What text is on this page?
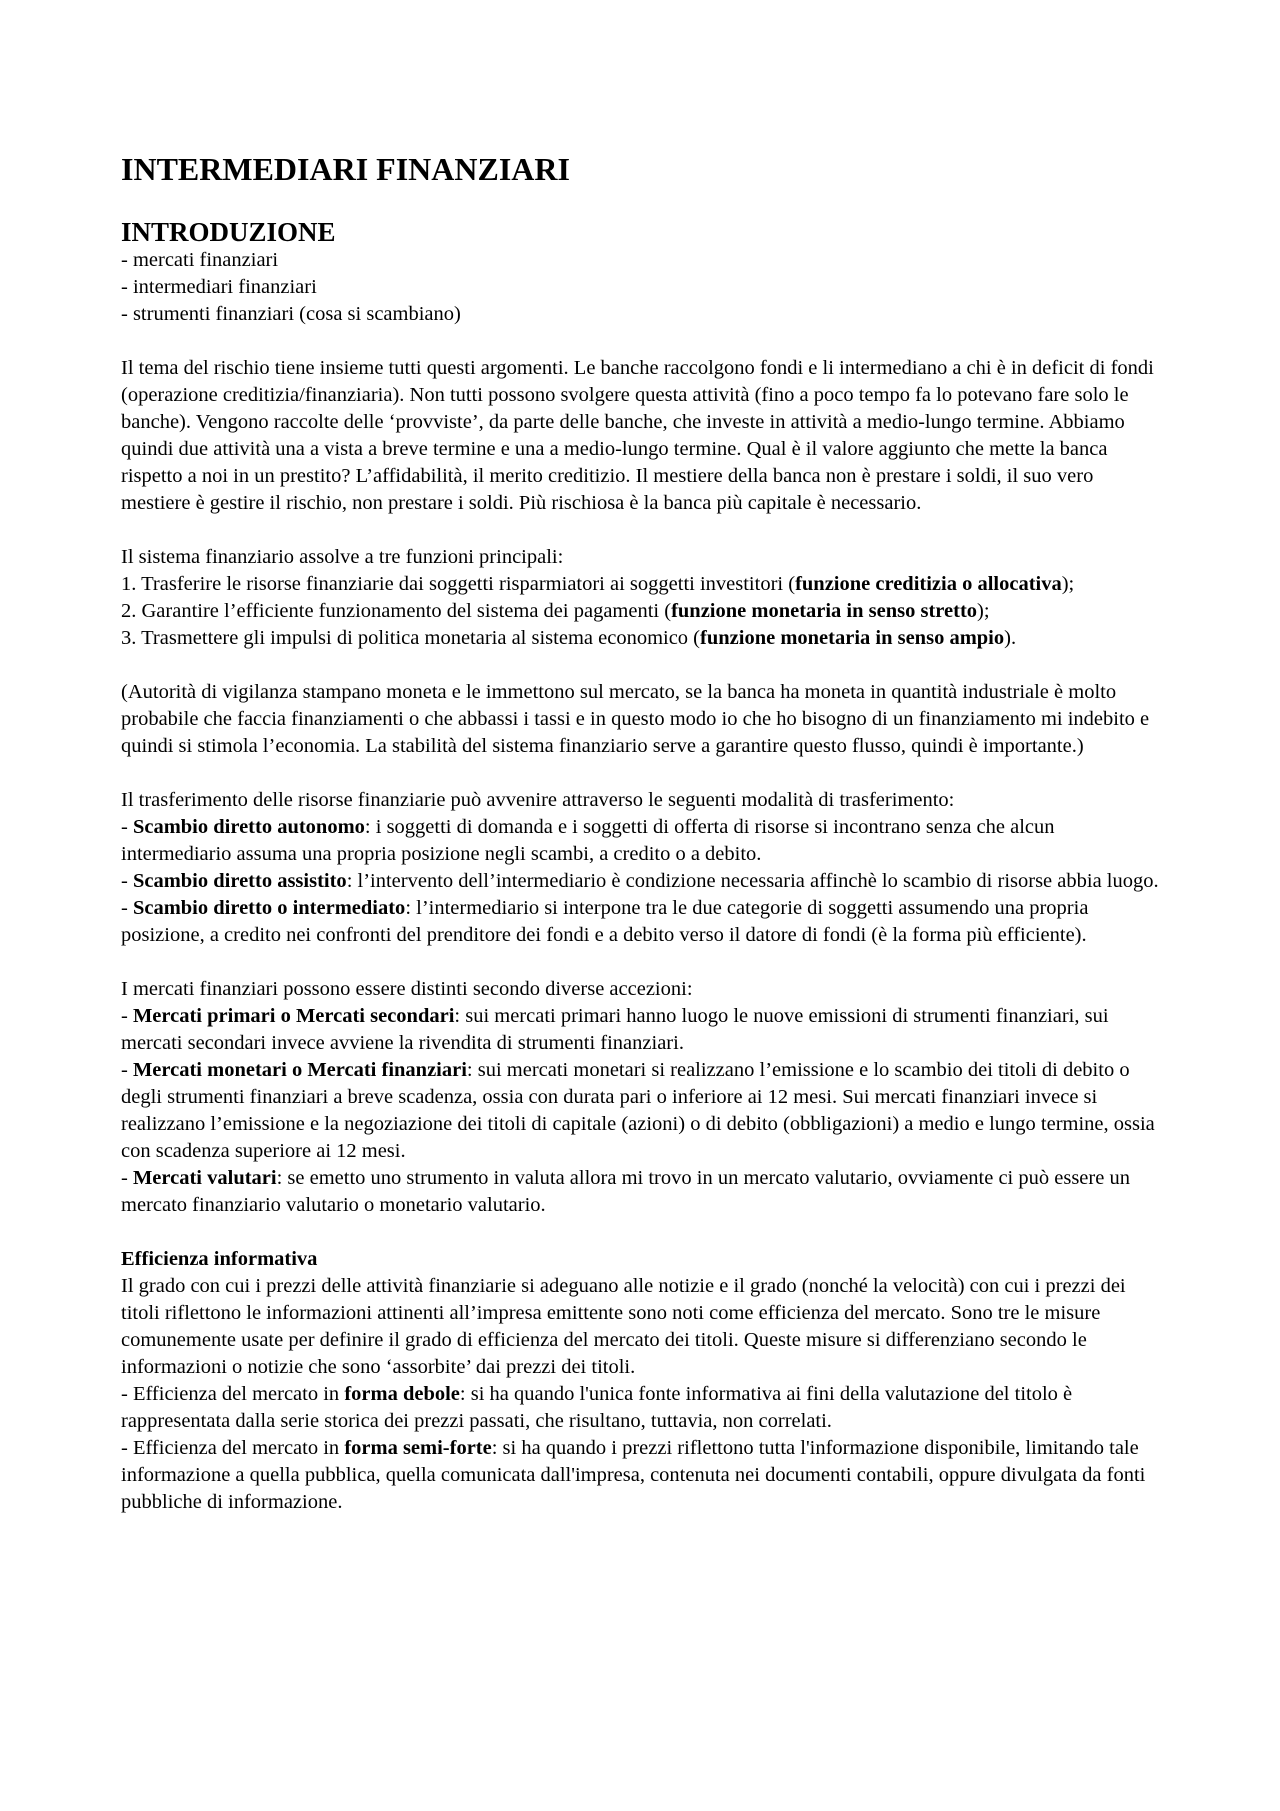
INTERMEDIARI FINANZIARI
INTRODUZIONE

- mercati finanziari

- intermediari finanziari

- strumenti finanziari (cosa si scambiano)

Il tema del rischio tiene insieme tutti questi argomenti. Le banche raccolgono fondi e li intermediano a chi è in deficit di fondi (operazione creditizia/finanziaria). Non tutti possono svolgere questa attività (fino a poco tempo fa lo potevano fare solo le banche). Vengono raccolte delle ‘provviste’, da parte delle banche, che investe in attività a medio-lungo termine. Abbiamo quindi due attività una a vista a breve termine e una a medio-lungo termine. Qual è il valore aggiunto che mette la banca rispetto a noi in un prestito? L’affidabilità, il merito creditizio. Il mestiere della banca non è prestare i soldi, il suo vero mestiere è gestire il rischio, non prestare i soldi. Più rischiosa è la banca più capitale è necessario.

Il sistema finanziario assolve a tre funzioni principali:

1. Trasferire le risorse finanziarie dai soggetti risparmiatori ai soggetti investitori (funzione creditizia o allocativa);

2. Garantire l’efficiente funzionamento del sistema dei pagamenti (funzione monetaria in senso stretto);

3. Trasmettere gli impulsi di politica monetaria al sistema economico (funzione monetaria in senso ampio).

(Autorità di vigilanza stampano moneta e le immettono sul mercato, se la banca ha moneta in quantità industriale è molto probabile che faccia finanziamenti o che abbassi i tassi e in questo modo io che ho bisogno di un finanziamento mi indebito e quindi si stimola l’economia. La stabilità del sistema finanziario serve a garantire questo flusso, quindi è importante.)

Il trasferimento delle risorse finanziarie può avvenire attraverso le seguenti modalità di trasferimento:

- Scambio diretto autonomo: i soggetti di domanda e i soggetti di offerta di risorse si incontrano senza che alcun intermediario assuma una propria posizione negli scambi, a credito o a debito.

- Scambio diretto assistito: l’intervento dell’intermediario è condizione necessaria affinchè lo scambio di risorse abbia luogo.

- Scambio diretto o intermediato: l’intermediario si interpone tra le due categorie di soggetti assumendo una propria posizione, a credito nei confronti del prenditore dei fondi e a debito verso il datore di fondi (è la forma più efficiente).

I mercati finanziari possono essere distinti secondo diverse accezioni:

- Mercati primari o Mercati secondari: sui mercati primari hanno luogo le nuove emissioni di strumenti finanziari, sui mercati secondari invece avviene la rivendita di strumenti finanziari.

- Mercati monetari o Mercati finanziari: sui mercati monetari si realizzano l’emissione e lo scambio dei titoli di debito o degli strumenti finanziari a breve scadenza, ossia con durata pari o inferiore ai 12 mesi. Sui mercati finanziari invece si realizzano l’emissione e la negoziazione dei titoli di capitale (azioni) o di debito (obbligazioni) a medio e lungo termine, ossia con scadenza superiore ai 12 mesi.

- Mercati valutari: se emetto uno strumento in valuta allora mi trovo in un mercato valutario, ovviamente ci può essere un mercato finanziario valutario o monetario valutario.

Efficienza informativa

Il grado con cui i prezzi delle attività finanziarie si adeguano alle notizie e il grado (nonché la velocità) con cui i prezzi dei titoli riflettono le informazioni attinenti all’impresa emittente sono noti come efficienza del mercato. Sono tre le misure comunemente usate per definire il grado di efficienza del mercato dei titoli. Queste misure si differenziano secondo le informazioni o notizie che sono ‘assorbite’ dai prezzi dei titoli.

- Efficienza del mercato in forma debole: si ha quando l'unica fonte informativa ai fini della valutazione del titolo è rappresentata dalla serie storica dei prezzi passati, che risultano, tuttavia, non correlati.

- Efficienza del mercato in forma semi-forte: si ha quando i prezzi riflettono tutta l'informazione disponibile, limitando tale informazione a quella pubblica, quella comunicata dall'impresa, contenuta nei documenti contabili, oppure divulgata da fonti pubbliche di informazione.
